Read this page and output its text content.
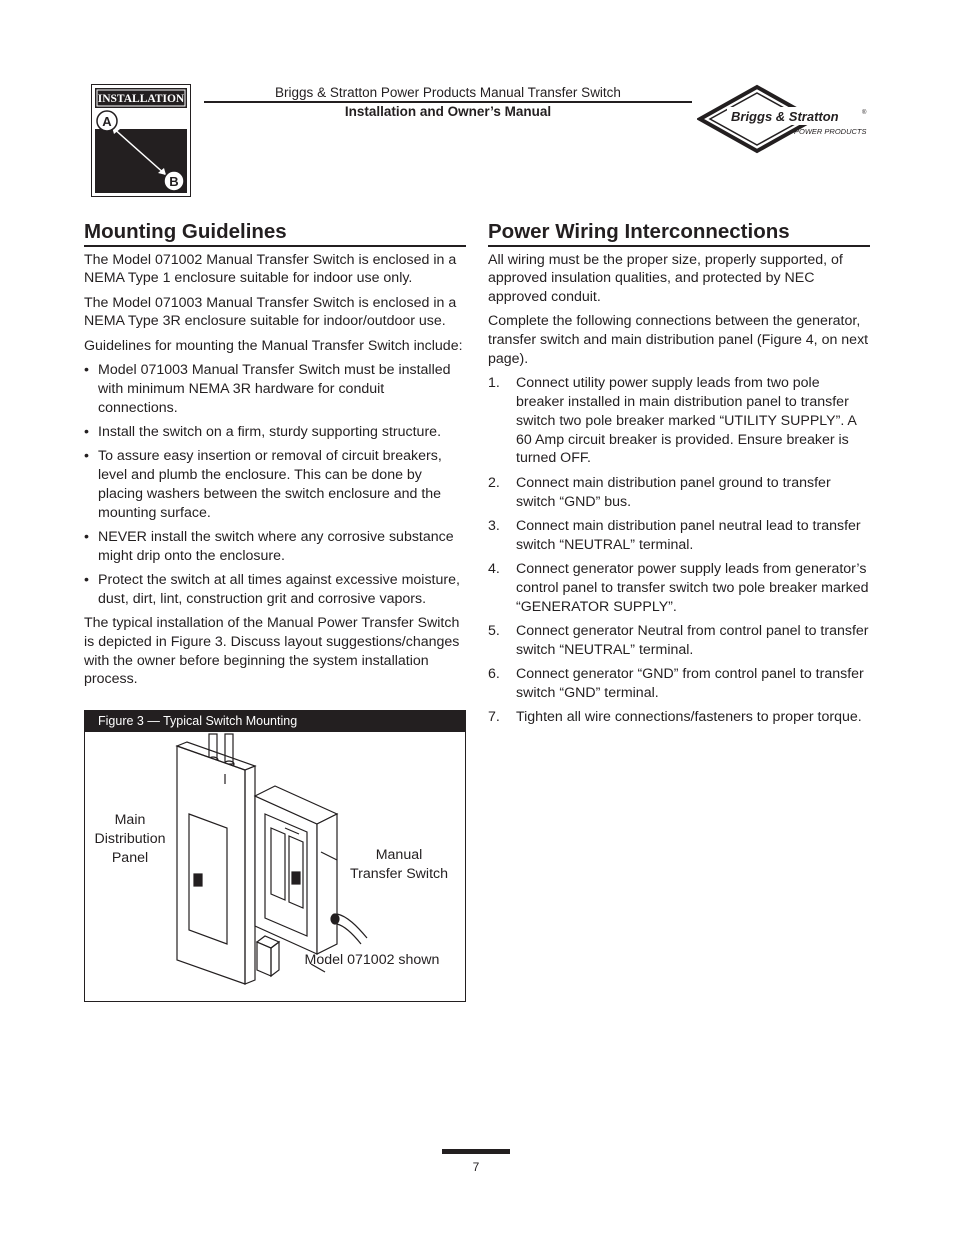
INSTALLATION
A
B
Briggs & Stratton Power Products Manual Transfer Switch
Installation and Owner’s Manual	Briggs & Stratton	®
POWER PRODUCTS
Mounting Guidelines

The Model 071002 Manual Transfer Switch is enclosed in a NEMA Type 1 enclosure suitable for indoor use only.

The Model 071003 Manual Transfer Switch is enclosed in a NEMA Type 3R enclosure suitable for indoor/outdoor use.

Guidelines for mounting the Manual Transfer Switch include:

• Model 071003 Manual Transfer Switch must be installed with minimum NEMA 3R hardware for conduit connections.
• Install the switch on a firm, sturdy supporting structure.
• To assure easy insertion or removal of circuit breakers, level and plumb the enclosure. This can be done by placing washers between the switch enclosure and the mounting surface.
• NEVER install the switch where any corrosive substance might drip onto the enclosure.
• Protect the switch at all times against excessive moisture, dust, dirt, lint, construction grit and corrosive vapors.

The typical installation of the Manual Power Transfer Switch is depicted in Figure 3. Discuss layout suggestions/changes with the owner before beginning the system installation process.

Figure 3 — Typical Switch Mounting
Main
Distribution
Panel	Manual
Transfer Switch
Model 071002 shown
Power Wiring Interconnections

All wiring must be the proper size, properly supported, of approved insulation qualities, and protected by NEC approved conduit.

Complete the following connections between the generator, transfer switch and main distribution panel (Figure 4, on next page).

1. Connect utility power supply leads from two pole breaker installed in main distribution panel to transfer switch two pole breaker marked “UTILITY SUPPLY”. A 60 Amp circuit breaker is provided. Ensure breaker is turned OFF.
2. Connect main distribution panel ground to transfer switch “GND” bus.
3. Connect main distribution panel neutral lead to transfer switch “NEUTRAL” terminal.
4. Connect generator power supply leads from generator’s control panel to transfer switch two pole breaker marked “GENERATOR SUPPLY”.
5. Connect generator Neutral from control panel to transfer switch “NEUTRAL” terminal.
6. Connect generator “GND” from control panel to transfer switch “GND” terminal.
7. Tighten all wire connections/fasteners to proper torque.
7
